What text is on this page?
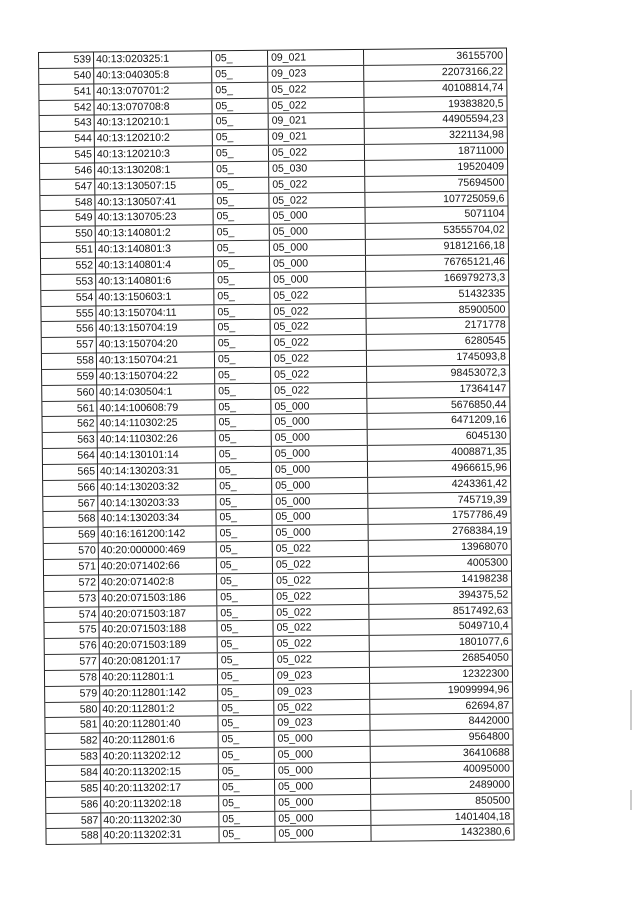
539 40:13:020325:1	05_	09_021	36155700
540 40:13:040305:8	05_	09_023	22073166,22
541 40:13:070701:2	05_	05_022	40108814,74
542 40:13:070708:8	05_	05_022	19383820,5
543 40:13:120210:1	05_	09_021	44905594,23
544 40:13:120210:2	05_	09_021	3221134,98
545 40:13:120210:3	05_	05_022	18711000
546 40:13:130208:1	05_	05_030	19520409
547 40:13:130507:15	05_	05_022	75694500
548 40:13:130507:41	05_	05_022	107725059,6
549 40:13:130705:23	05_	05_000	5071104
550 40:13:140801:2	05_	05_000	53555704,02
551 40:13:140801:3	05_	05_000	91812166,18
552 40:13:140801:4	05_	05_000	76765121,46
553 40:13:140801:6	05_	05_000	166979273,3
554 40:13:150603:1	05_	05_022	51432335
555 40:13:150704:11	05_	05_022	85900500
556 40:13:150704:19	05_	05_022	2171778
557 40:13:150704:20	05_	05_022	6280545
558 40:13:150704:21	05_	05_022	1745093,8
559 40:13:150704:22	05_	05_022	98453072,3
560 40:14:030504:1	05_	05_022	17364147
561 40:14:100608:79	05_	05_000	5676850,44
562 40:14:110302:25	05_	05_000	6471209,16
563 40:14:110302:26	05_	05_000	6045130
564 40:14:130101:14	05_	05_000	4008871,35
565 40:14:130203:31	05_	05_000	4966615,96
566 40:14:130203:32	05_	05_000	4243361,42
567 40:14:130203:33	05_	05_000	745719,39
568 40:14:130203:34	05_	05_000	1757786,49
569 40:16:161200:142	05_	05_000	2768384,19
570 40:20:000000:469	05_	05_022	13968070
571 40:20:071402:66	05_	05_022	4005300
572 40:20:071402:8	05_	05_022	14198238
573 40:20:071503:186	05_	05_022	394375,52
574 40:20:071503:187	05_	05_022	8517492,63
575 40:20:071503:188	05_	05_022	5049710,4
576 40:20:071503:189	05_	05_022	1801077,6
577 40:20:081201:17	05_	05_022	26854050
578 40:20:112801:1	05_	09_023	12322300
579 40:20:112801:142	05_	09_023	19099994,96
580 40:20:112801:2	05_	05_022	62694,87
581 40:20:112801:40	05_	09_023	8442000
582 40:20:112801:6	05_	05_000	9564800
583 40:20:113202:12	05_	05_000	36410688
584 40:20:113202:15	05_	05_000	40095000
585 40:20:113202:17	05_	05_000	2489000
586 40:20:113202:18	05_	05_000	850500
587 40:20:113202:30	05_	05_000	1401404,18
588 40:20:113202:31	05_	05_000	1432380,6
